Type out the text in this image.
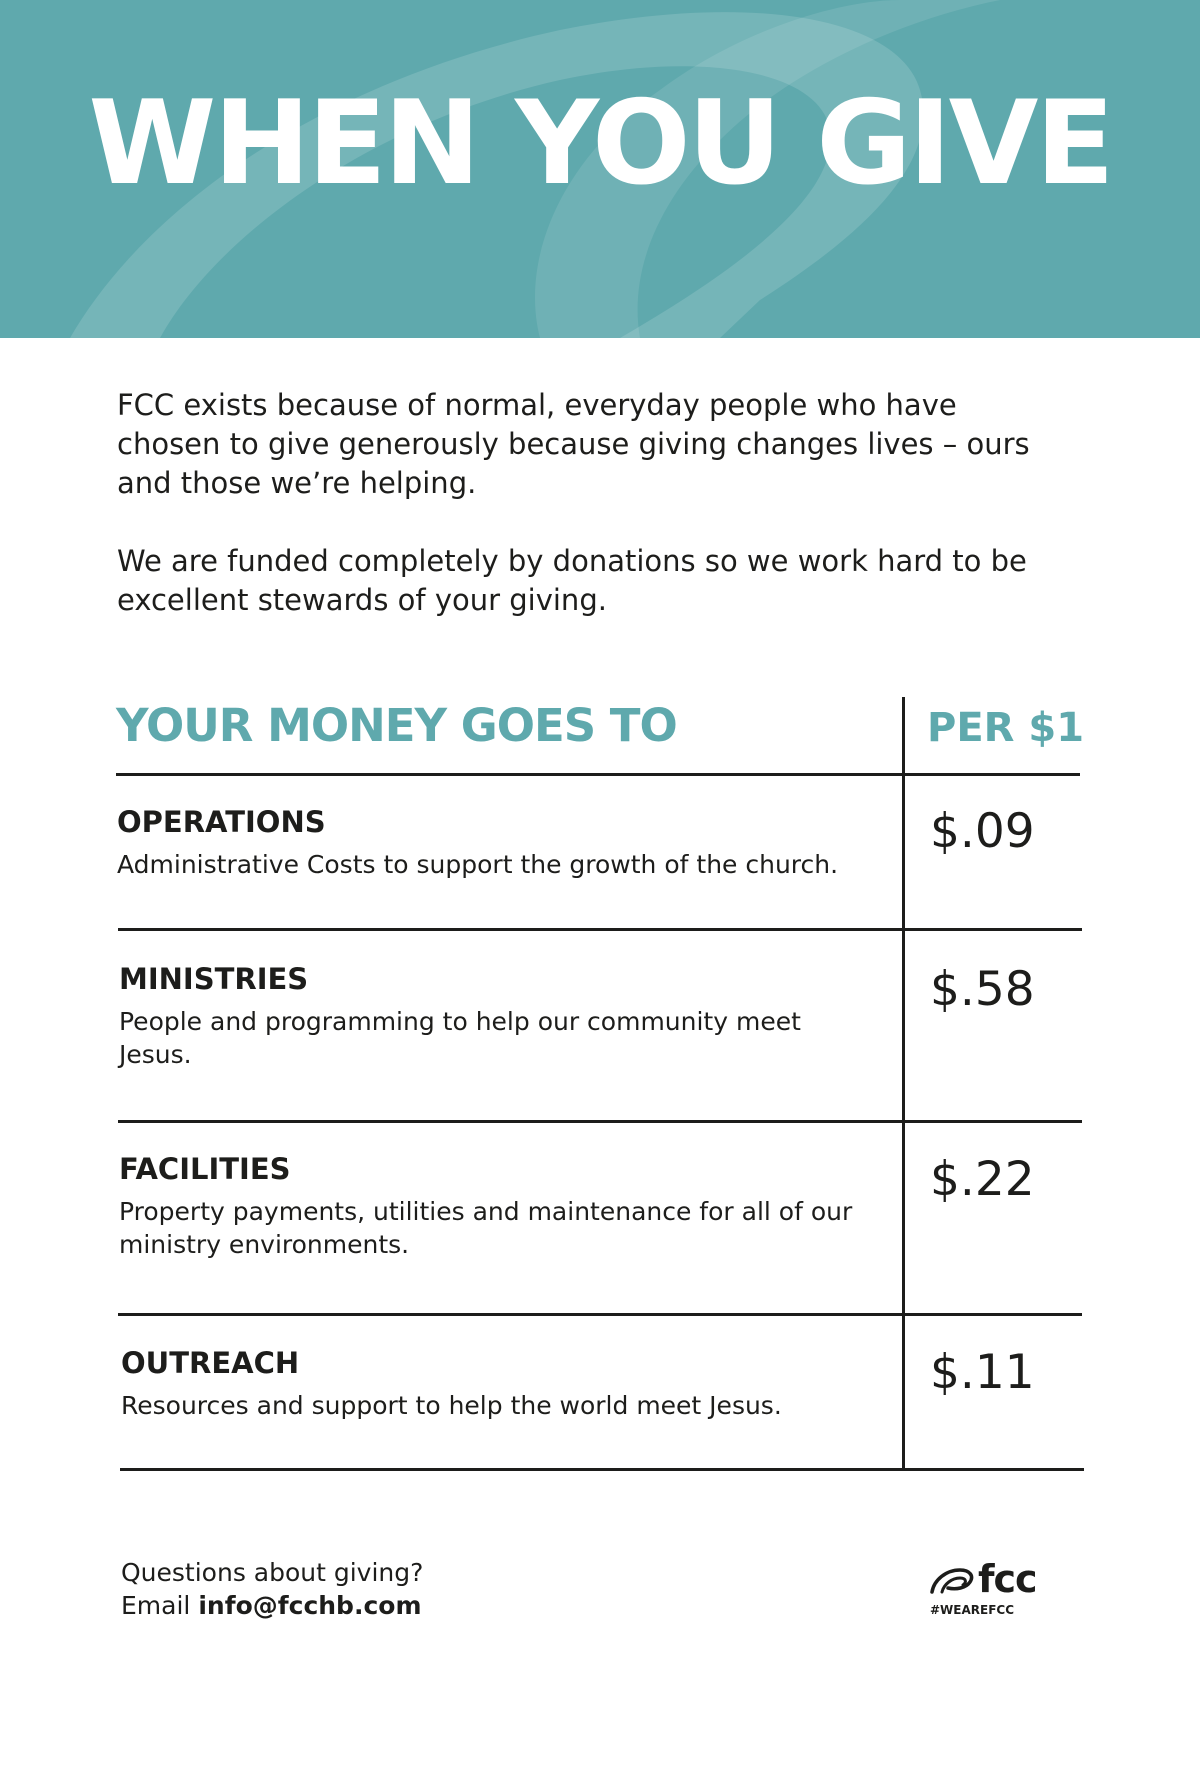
WHEN YOU GIVE

FCC exists because of normal, everyday people who have chosen to give generously because giving changes lives – ours and those we’re helping.

We are funded completely by donations so we work hard to be excellent stewards of your giving.

YOUR MONEY GOES TO	PER $1
OPERATIONS
Administrative Costs to support the growth of the church.
$.09
MINISTRIES
People and programming to help our community meet Jesus.
$.58
FACILITIES
Property payments, utilities and maintenance for all of our ministry environments.
$.22
OUTREACH
Resources and support to help the world meet Jesus.
$.11
Questions about giving?
Email info@fcchb.com
fcc
#WEAREFCC
